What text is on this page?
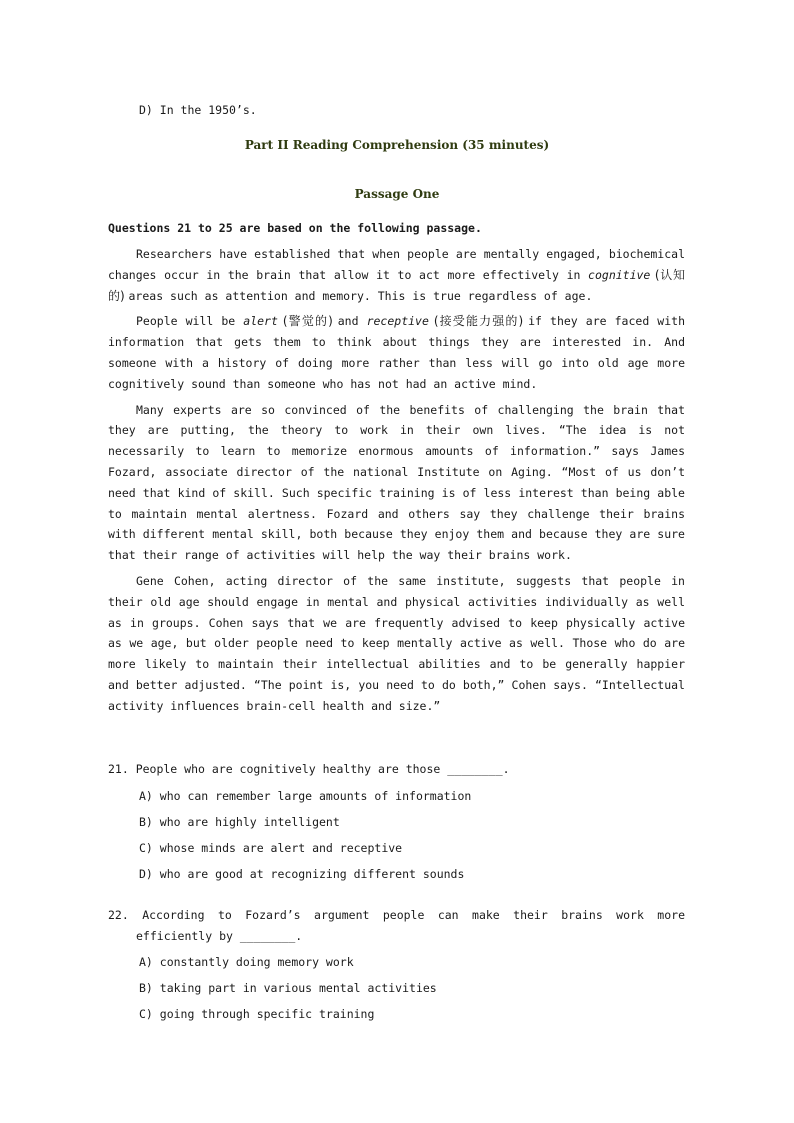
D) In the 1950’s.
Part II Reading Comprehension (35 minutes)
Passage One
Questions 21 to 25 are based on the following passage.

Researchers have established that when people are mentally engaged, biochemical changes occur in the brain that allow it to act more effectively in cognitive (认知的) areas such as attention and memory. This is true regardless of age.

People will be alert (警觉的) and receptive (接受能力强的) if they are faced with information that gets them to think about things they are interested in. And someone with a history of doing more rather than less will go into old age more cognitively sound than someone who has not had an active mind.

Many experts are so convinced of the benefits of challenging the brain that they are putting, the theory to work in their own lives. “The idea is not necessarily to learn to memorize enormous amounts of information.” says James Fozard, associate director of the national Institute on Aging. “Most of us don’t need that kind of skill. Such specific training is of less interest than being able to maintain mental alertness. Fozard and others say they challenge their brains with different mental skill, both because they enjoy them and because they are sure that their range of activities will help the way their brains work.

Gene Cohen, acting director of the same institute, suggests that people in their old age should engage in mental and physical activities individually as well as in groups. Cohen says that we are frequently advised to keep physically active as we age, but older people need to keep mentally active as well. Those who do are more likely to maintain their intellectual abilities and to be generally happier and better adjusted. “The point is, you need to do both,” Cohen says. “Intellectual activity influences brain-cell health and size.”

21. People who are cognitively healthy are those ________.
A) who can remember large amounts of information
B) who are highly intelligent
C) whose minds are alert and receptive
D) who are good at recognizing different sounds
22. According to Fozard’s argument people can make their brains work more efficiently by ________.
A) constantly doing memory work
B) taking part in various mental activities
C) going through specific training
